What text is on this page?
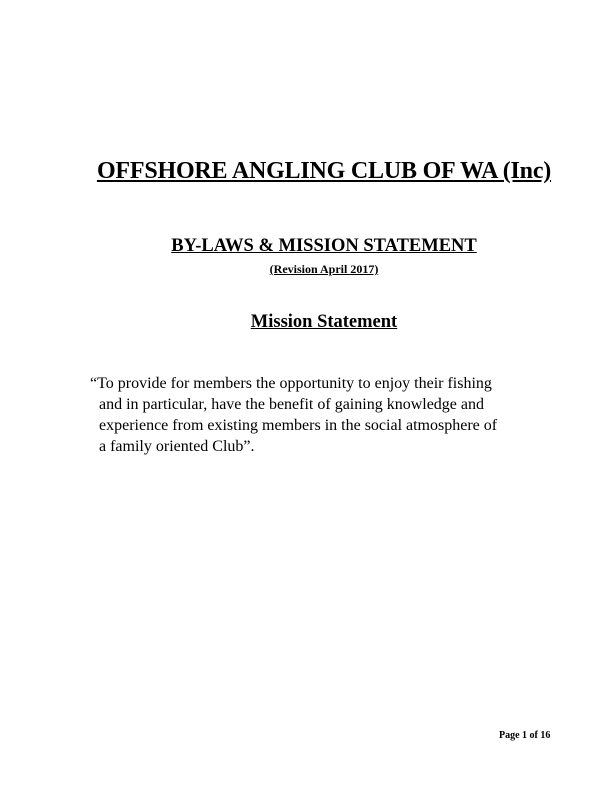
OFFSHORE ANGLING CLUB OF WA (Inc)
BY-LAWS & MISSION STATEMENT
(Revision April 2017)
Mission Statement
“To provide for members the opportunity to enjoy their fishing
and in particular, have the benefit of gaining knowledge and
experience from existing members in the social atmosphere of
a family oriented Club”.
Page 1 of 16
